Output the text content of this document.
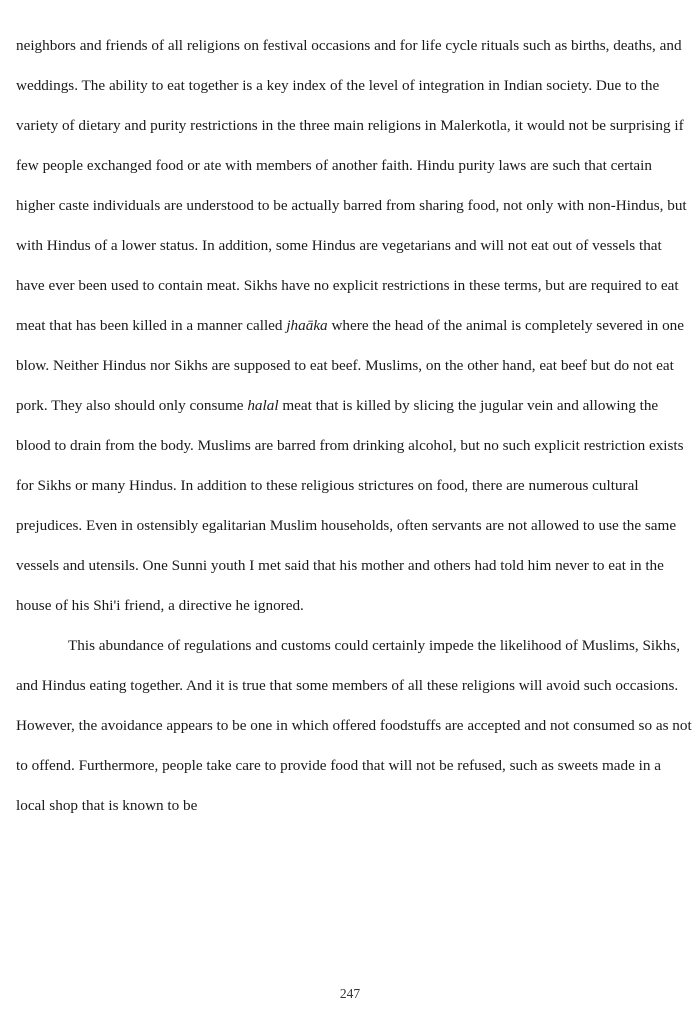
neighbors and friends of all religions on festival occasions and for life cycle rituals such as births, deaths, and weddings. The ability to eat together is a key index of the level of integration in Indian society. Due to the variety of dietary and purity restrictions in the three main religions in Malerkotla, it would not be surprising if few people exchanged food or ate with members of another faith. Hindu purity laws are such that certain higher caste individuals are understood to be actually barred from sharing food, not only with non-Hindus, but with Hindus of a lower status. In addition, some Hindus are vegetarians and will not eat out of vessels that have ever been used to contain meat. Sikhs have no explicit restrictions in these terms, but are required to eat meat that has been killed in a manner called jhaāka where the head of the animal is completely severed in one blow. Neither Hindus nor Sikhs are supposed to eat beef. Muslims, on the other hand, eat beef but do not eat pork. They also should only consume halal meat that is killed by slicing the jugular vein and allowing the blood to drain from the body. Muslims are barred from drinking alcohol, but no such explicit restriction exists for Sikhs or many Hindus. In addition to these religious strictures on food, there are numerous cultural prejudices. Even in ostensibly egalitarian Muslim households, often servants are not allowed to use the same vessels and utensils. One Sunni youth I met said that his mother and others had told him never to eat in the house of his Shi'i friend, a directive he ignored.

This abundance of regulations and customs could certainly impede the likelihood of Muslims, Sikhs, and Hindus eating together. And it is true that some members of all these religions will avoid such occasions. However, the avoidance appears to be one in which offered foodstuffs are accepted and not consumed so as not to offend. Furthermore, people take care to provide food that will not be refused, such as sweets made in a local shop that is known to be

247
